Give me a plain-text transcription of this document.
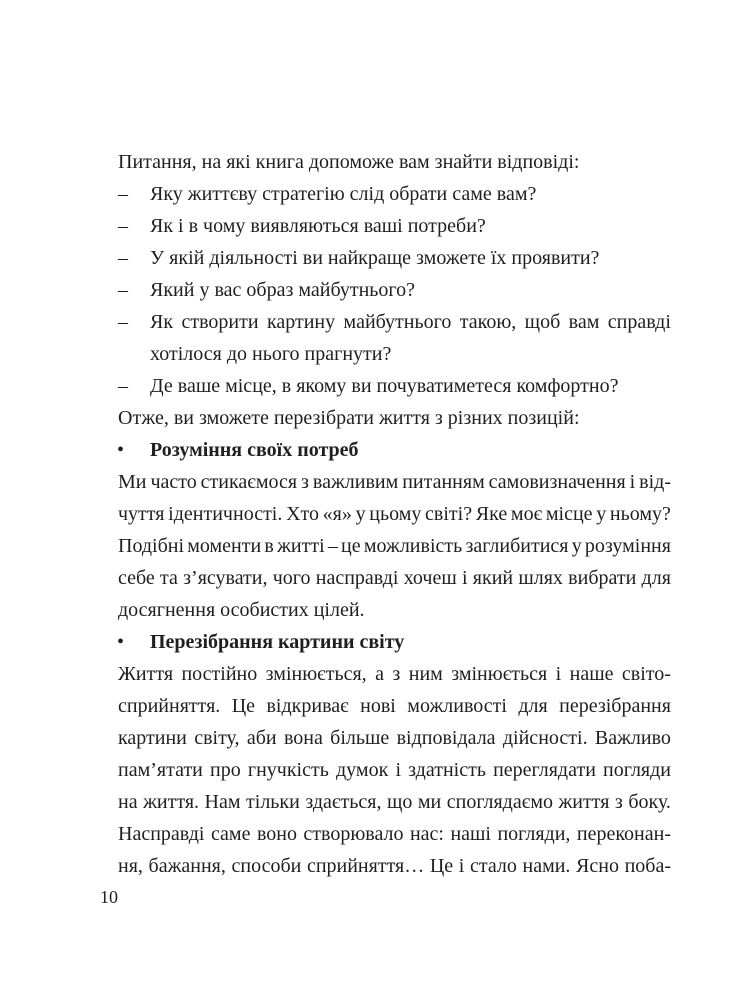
Питання, на які книга допоможе вам знайти відповіді:
– Яку життєву стратегію слід обрати саме вам?
– Як і в чому виявляються ваші потреби?
– У якій діяльності ви найкраще зможете їх проявити?
– Який у вас образ майбутнього?
– Як створити картину майбутнього такою, щоб вам справді
хотілося до нього прагнути?
– Де ваше місце, в якому ви почуватиметеся комфортно?
Отже, ви зможете перезібрати життя з різних позицій:
• Розуміння своїх потреб
Ми часто стикаємося з важливим питанням самовизначення і від-
чуття ідентичності. Хто «я» у цьому світі? Яке моє місце у ньому?
Подібні моменти в житті – це можливість заглибитися у розуміння
себе та з’ясувати, чого насправді хочеш і який шлях вибрати для
досягнення особистих цілей.
• Перезібрання картини світу
Життя постійно змінюється, а з ним змінюється і наше світо-
сприйняття. Це відкриває нові можливості для перезібрання
картини світу, аби вона більше відповідала дійсності. Важливо
пам’ятати про гнучкість думок і здатність переглядати погляди
на життя. Нам тільки здається, що ми споглядаємо життя з боку.
Насправді саме воно створювало нас: наші погляди, переконан-
ня, бажання, способи сприйняття… Це і стало нами. Ясно поба-
10
